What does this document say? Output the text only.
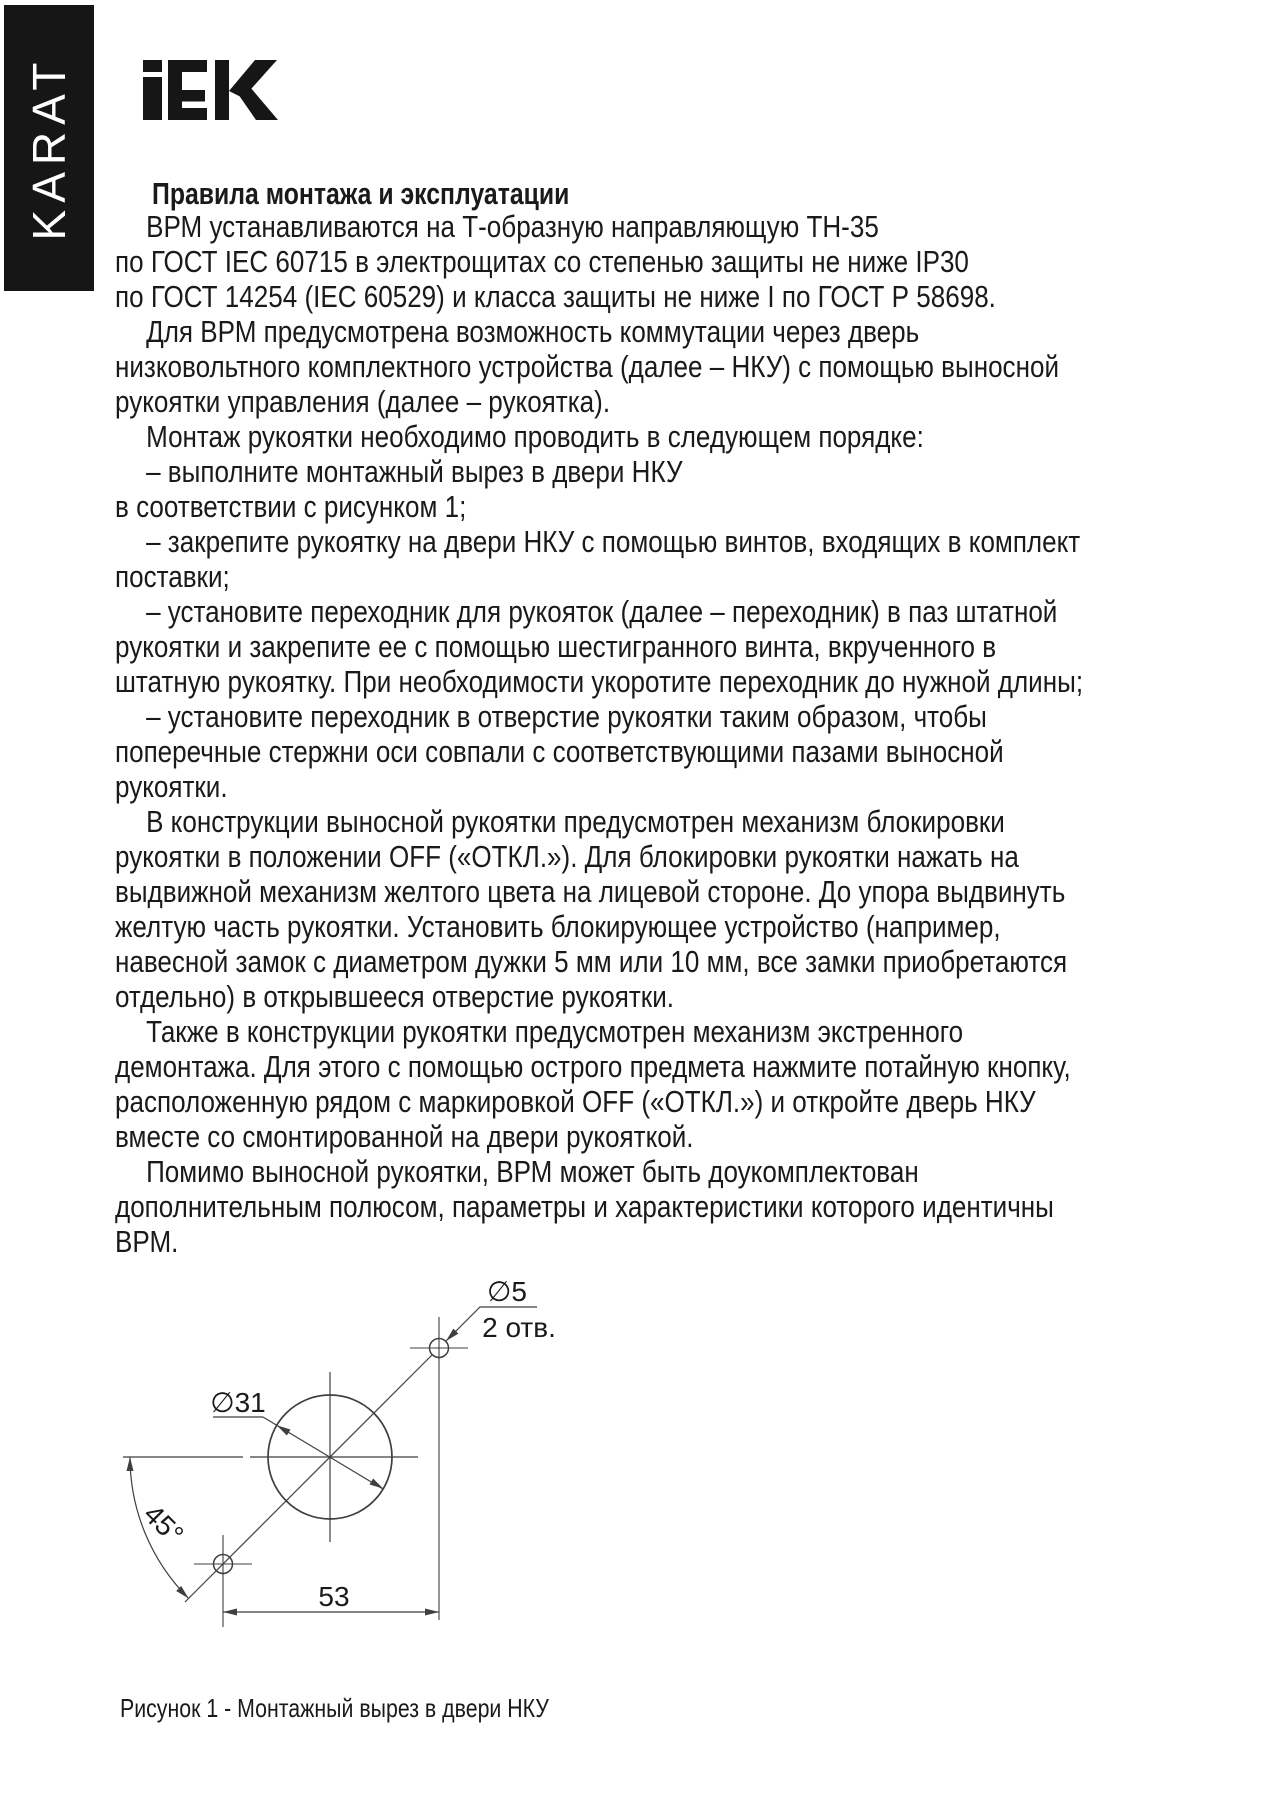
KARAT Правила монтажа и эксплуатации
ВРМ устанавливаются на Т-образную направляющую ТН-35
по ГОСТ IEC 60715 в электрощитах со степенью защиты не ниже IP30
по ГОСТ 14254 (IEC 60529) и класса защиты не ниже I по ГОСТ Р 58698.
Для ВРМ предусмотрена возможность коммутации через дверь
низковольтного комплектного устройства (далее – НКУ) с помощью выносной
рукоятки управления (далее – рукоятка).
Монтаж рукоятки необходимо проводить в следующем порядке:
– выполните монтажный вырез в двери НКУ
в соответствии с рисунком 1;
– закрепите рукоятку на двери НКУ с помощью винтов, входящих в комплект
поставки;
– установите переходник для рукояток (далее – переходник) в паз штатной
рукоятки и закрепите ее с помощью шестигранного винта, вкрученного в
штатную рукоятку. При необходимости укоротите переходник до нужной длины;
– установите переходник в отверстие рукоятки таким образом, чтобы
поперечные стержни оси совпали с соответствующими пазами выносной
рукоятки.
В конструкции выносной рукоятки предусмотрен механизм блокировки
рукоятки в положении OFF («ОТКЛ.»). Для блокировки рукоятки нажать на
выдвижной механизм желтого цвета на лицевой стороне. До упора выдвинуть
желтую часть рукоятки. Установить блокирующее устройство (например,
навесной замок с диаметром дужки 5 мм или 10 мм, все замки приобретаются
отдельно) в открывшееся отверстие рукоятки.
Также в конструкции рукоятки предусмотрен механизм экстренного
демонтажа. Для этого с помощью острого предмета нажмите потайную кнопку,
расположенную рядом с маркировкой OFF («ОТКЛ.») и откройте дверь НКУ
вместе со смонтированной на двери рукояткой.
Помимо выносной рукоятки, ВРМ может быть доукомплектован
дополнительным полюсом, параметры и характеристики которого идентичны
ВРМ.
∅31
∅5
2 отв.
45°
53
Рисунок 1 - Монтажный вырез в двери НКУ
